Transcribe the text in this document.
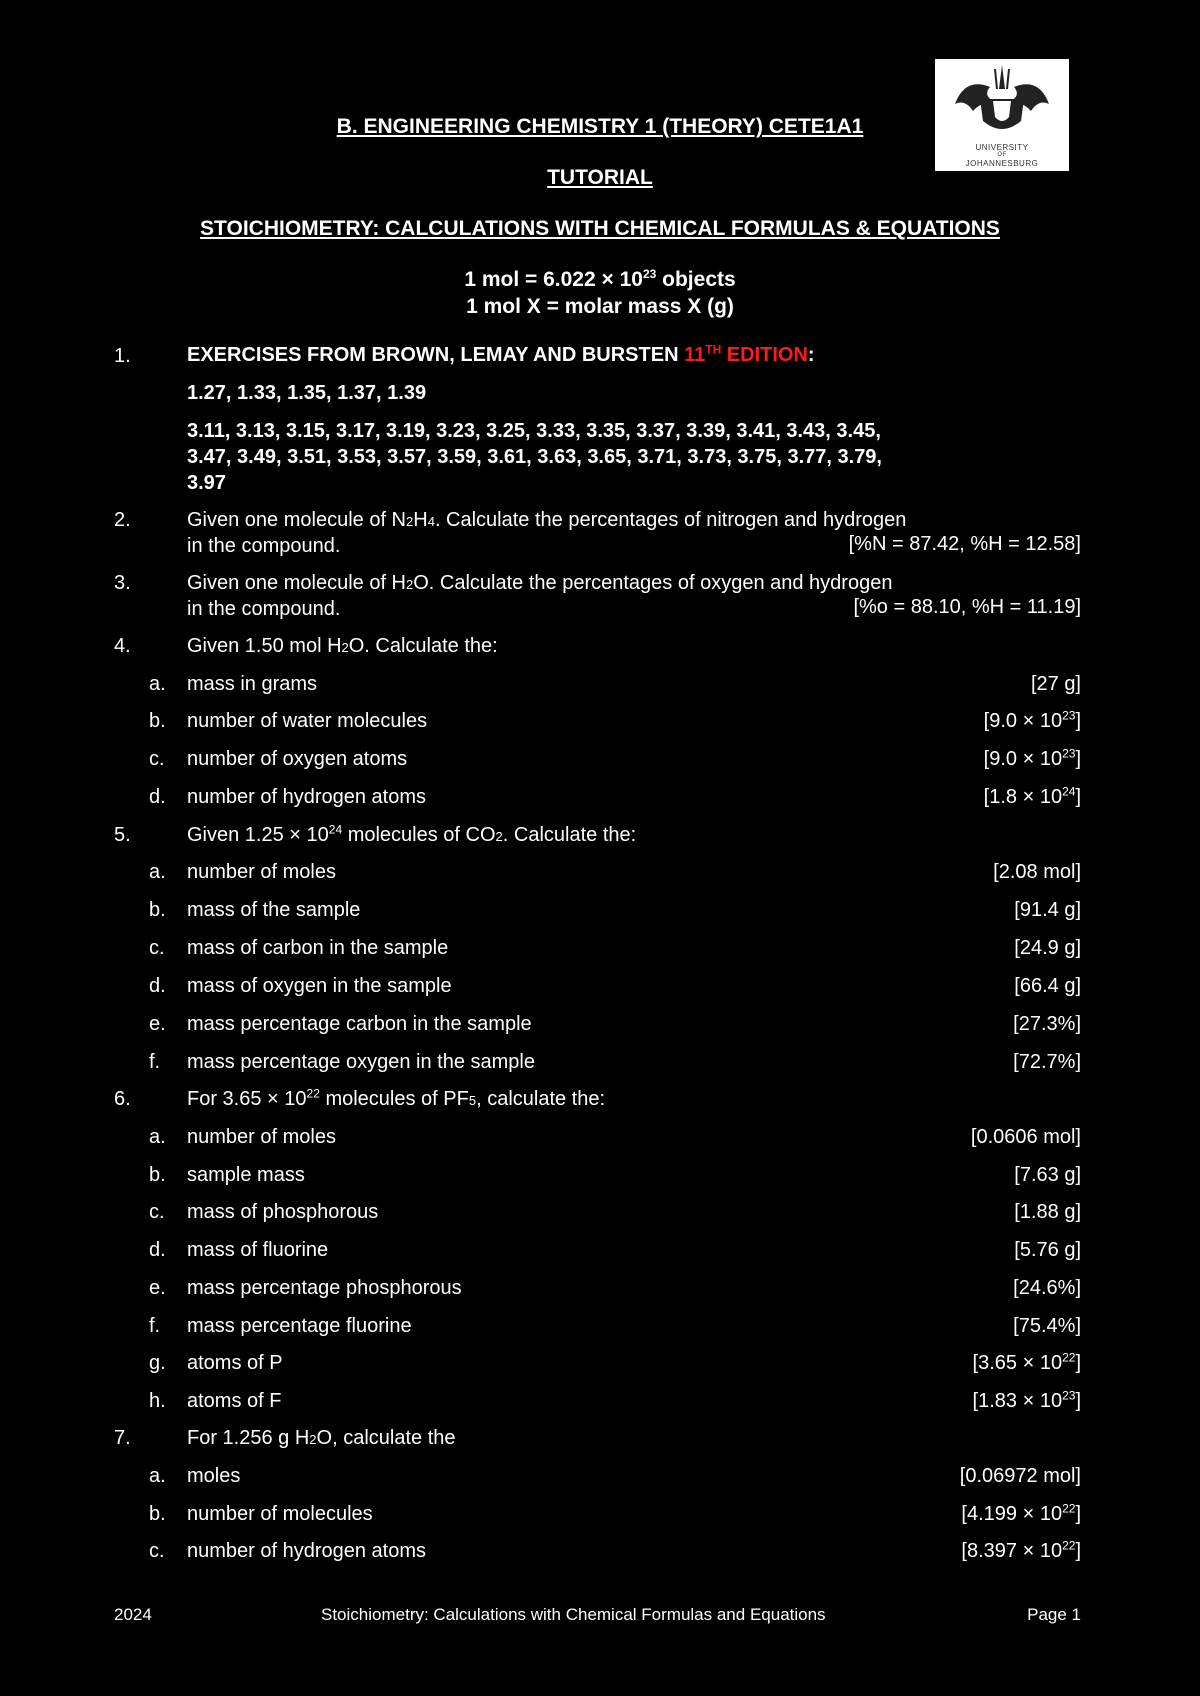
B. ENGINEERING CHEMISTRY 1 (THEORY) CETE1A1
TUTORIAL
STOICHIOMETRY: CALCULATIONS WITH CHEMICAL FORMULAS & EQUATIONS
1 mol = $6.022 \times 10^{23}$ objects
1 mol X = molar mass X (g)
UNIVERSITY
OF
JOHANNESBURG
1.	EXERCISES FROM BROWN, LEMAY AND BURSTEN 11TH EDITION:
1.27, 1.33, 1.35, 1.37, 1.39
3.11, 3.13, 3.15, 3.17, 3.19, 3.23, 3.25, 3.33, 3.35, 3.37, 3.39, 3.41, 3.43, 3.45,
3.47, 3.49, 3.51, 3.53, 3.57, 3.59, 3.61, 3.63, 3.65, 3.71, 3.73, 3.75, 3.77, 3.79,
3.97
2.	Given one molecule of N2H4. Calculate the percentages of nitrogen and hydrogen
in the compound.	[%N = 87.42, %H = 12.58]
3.	Given one molecule of H2O. Calculate the percentages of oxygen and hydrogen
in the compound.	[%o = 88.10, %H = 11.19]
4.	Given 1.50 mol H2O. Calculate the:
a. mass in grams	[27 g]
b. number of water molecules	$[9.0 \times 10^{23}]$
c. number of oxygen atoms	$[9.0 \times 10^{23}]$
d. number of hydrogen atoms	$[1.8 \times 10^{24}]$
5.	Given $1.25 \times 10^{24}$ molecules of CO2. Calculate the:
a. number of moles	[2.08 mol]
b. mass of the sample	[91.4 g]
c. mass of carbon in the sample	[24.9 g]
d. mass of oxygen in the sample	[66.4 g]
e. mass percentage carbon in the sample	[27.3%]
f. mass percentage oxygen in the sample	[72.7%]
6.	For $3.65 \times 10^{22}$ molecules of PF5, calculate the:
a. number of moles	[0.0606 mol]
b. sample mass	[7.63 g]
c. mass of phosphorous	[1.88 g]
d. mass of fluorine	[5.76 g]
e. mass percentage phosphorous	[24.6%]
f. mass percentage fluorine	[75.4%]
g. atoms of P	$[3.65 \times 10^{22}]$
h. atoms of F	$[1.83 \times 10^{23}]$
7.	For 1.256 g H2O, calculate the
a. moles	[0.06972 mol]
b. number of molecules	$[4.199 \times 10^{22}]$
c. number of hydrogen atoms	$[8.397 \times 10^{22}]$
2024	Stoichiometry: Calculations with Chemical Formulas and Equations	Page 1
